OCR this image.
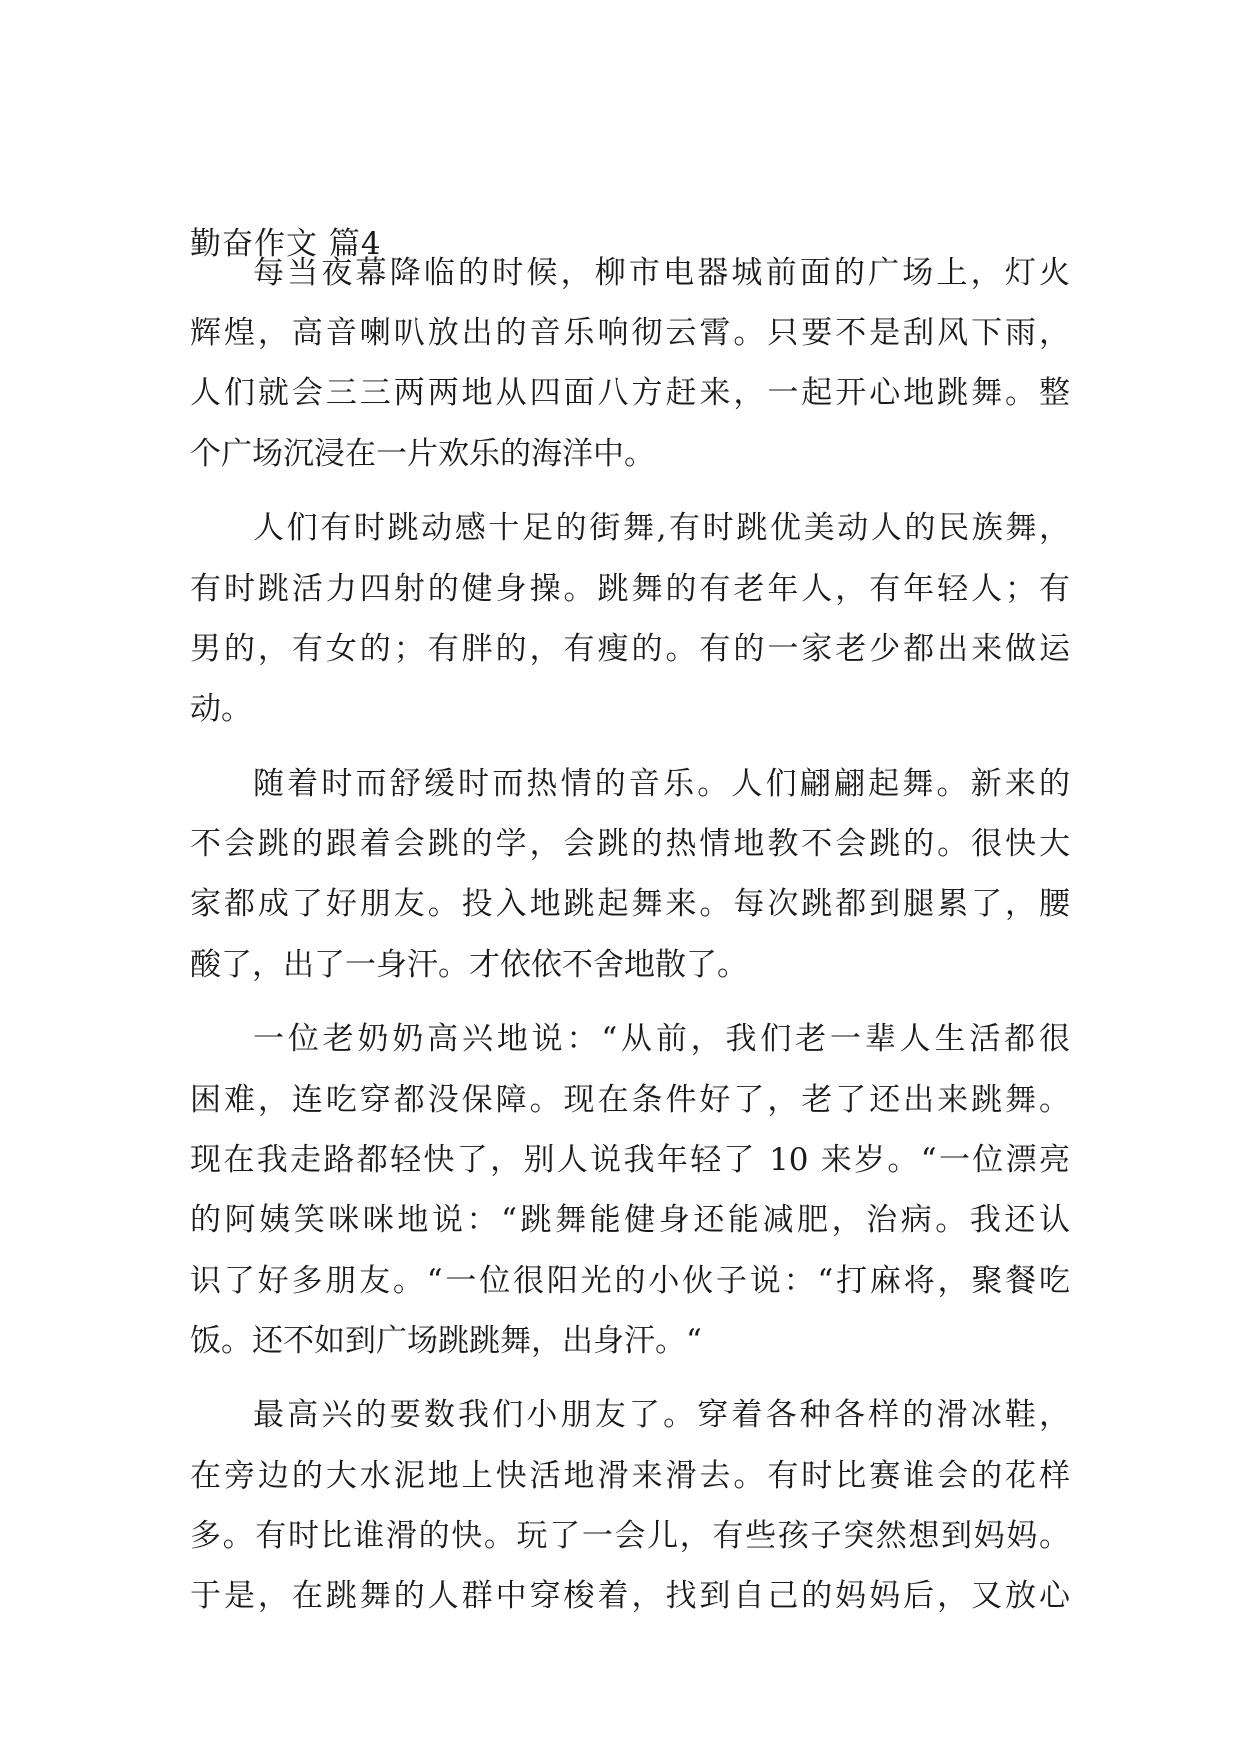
勤奋作文 篇4
每当夜幕降临的时候，柳市电器城前面的广场上，灯火
辉煌，高音喇叭放出的音乐响彻云霄。只要不是刮风下雨，
人们就会三三两两地从四面八方赶来，一起开心地跳舞。整
个广场沉浸在一片欢乐的海洋中。
人们有时跳动感十足的街舞,有时跳优美动人的民族舞，
有时跳活力四射的健身操。跳舞的有老年人，有年轻人；有
男的，有女的；有胖的，有瘦的。有的一家老少都出来做运
动。
随着时而舒缓时而热情的音乐。人们翩翩起舞。新来的
不会跳的跟着会跳的学，会跳的热情地教不会跳的。很快大
家都成了好朋友。投入地跳起舞来。每次跳都到腿累了，腰
酸了，出了一身汗。才依依不舍地散了。
一位老奶奶高兴地说：“从前，我们老一辈人生活都很
困难，连吃穿都没保障。现在条件好了，老了还出来跳舞。
现在我走路都轻快了，别人说我年轻了 10 来岁。“一位漂亮
的阿姨笑咪咪地说：“跳舞能健身还能减肥，治病。我还认
识了好多朋友。“一位很阳光的小伙子说：“打麻将，聚餐吃
饭。还不如到广场跳跳舞，出身汗。“
最高兴的要数我们小朋友了。穿着各种各样的滑冰鞋，
在旁边的大水泥地上快活地滑来滑去。有时比赛谁会的花样
多。有时比谁滑的快。玩了一会儿，有些孩子突然想到妈妈。
于是，在跳舞的人群中穿梭着，找到自己的妈妈后，又放心
